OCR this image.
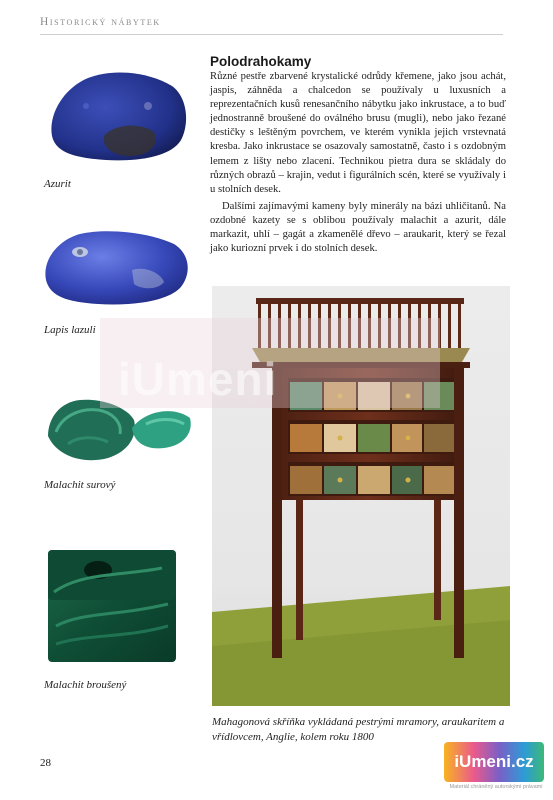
Historický nábytek
Azurit
Lapis lazuli
Malachit surový
Malachit broušený
Polodrahokamy

Různé pestře zbarvené krystalické odrůdy křemene, jako jsou achát, jaspis, záhněda a chalcedon se používaly u luxusních a reprezentačních kusů renesančního nábytku jako inkrustace, a to buď jednostranně broušené do oválného brusu (mugli), nebo jako řezané destičky s leštěným povrchem, ve kterém vynikla jejich vrstevnatá kresba. Jako inkrustace se osazovaly samostatně, často i s ozdobným lemem z lišty nebo zlacení. Technikou pietra dura se skládaly do různých obrazů – krajin, vedut i figurálních scén, které se využívaly i u stolních desek.

Dalšími zajímavými kameny byly minerály na bázi uhličitanů. Na ozdobné kazety se s oblibou používaly malachit a azurit, dále markazit, uhlí – gagát a zkamenělé dřevo – araukarit, který se řezal jako kuriozní prvek i do stolních desek.

Mahagonová skříňka vykládaná pestrými mramory, araukaritem a vřídlovcem, Anglie, kolem roku 1800
iUmeni
28	iUmeni.cz
Materiál chráněný autorskými právami
